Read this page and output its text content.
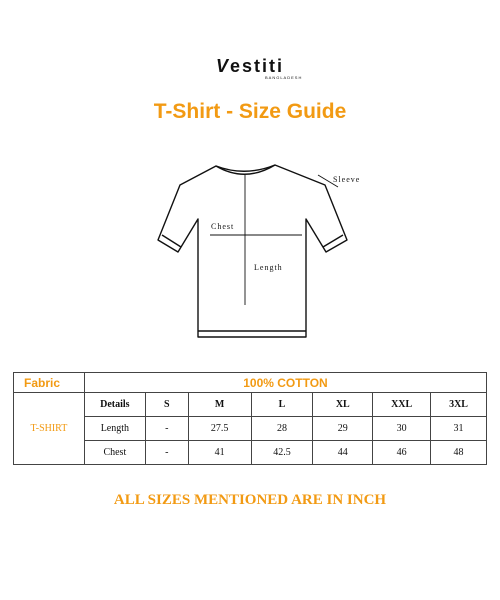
Vestiti
BANGLADESH
T-Shirt - Size Guide
Sleeve
Chest
Length
Fabric	100% COTTON						
T-SHIRT	Details	S	M	L	XL	XXL	3XL
	Length	-	27.5	28	29	30	31
	Chest	-	41	42.5	44	46	48
ALL SIZES MENTIONED ARE IN INCH
